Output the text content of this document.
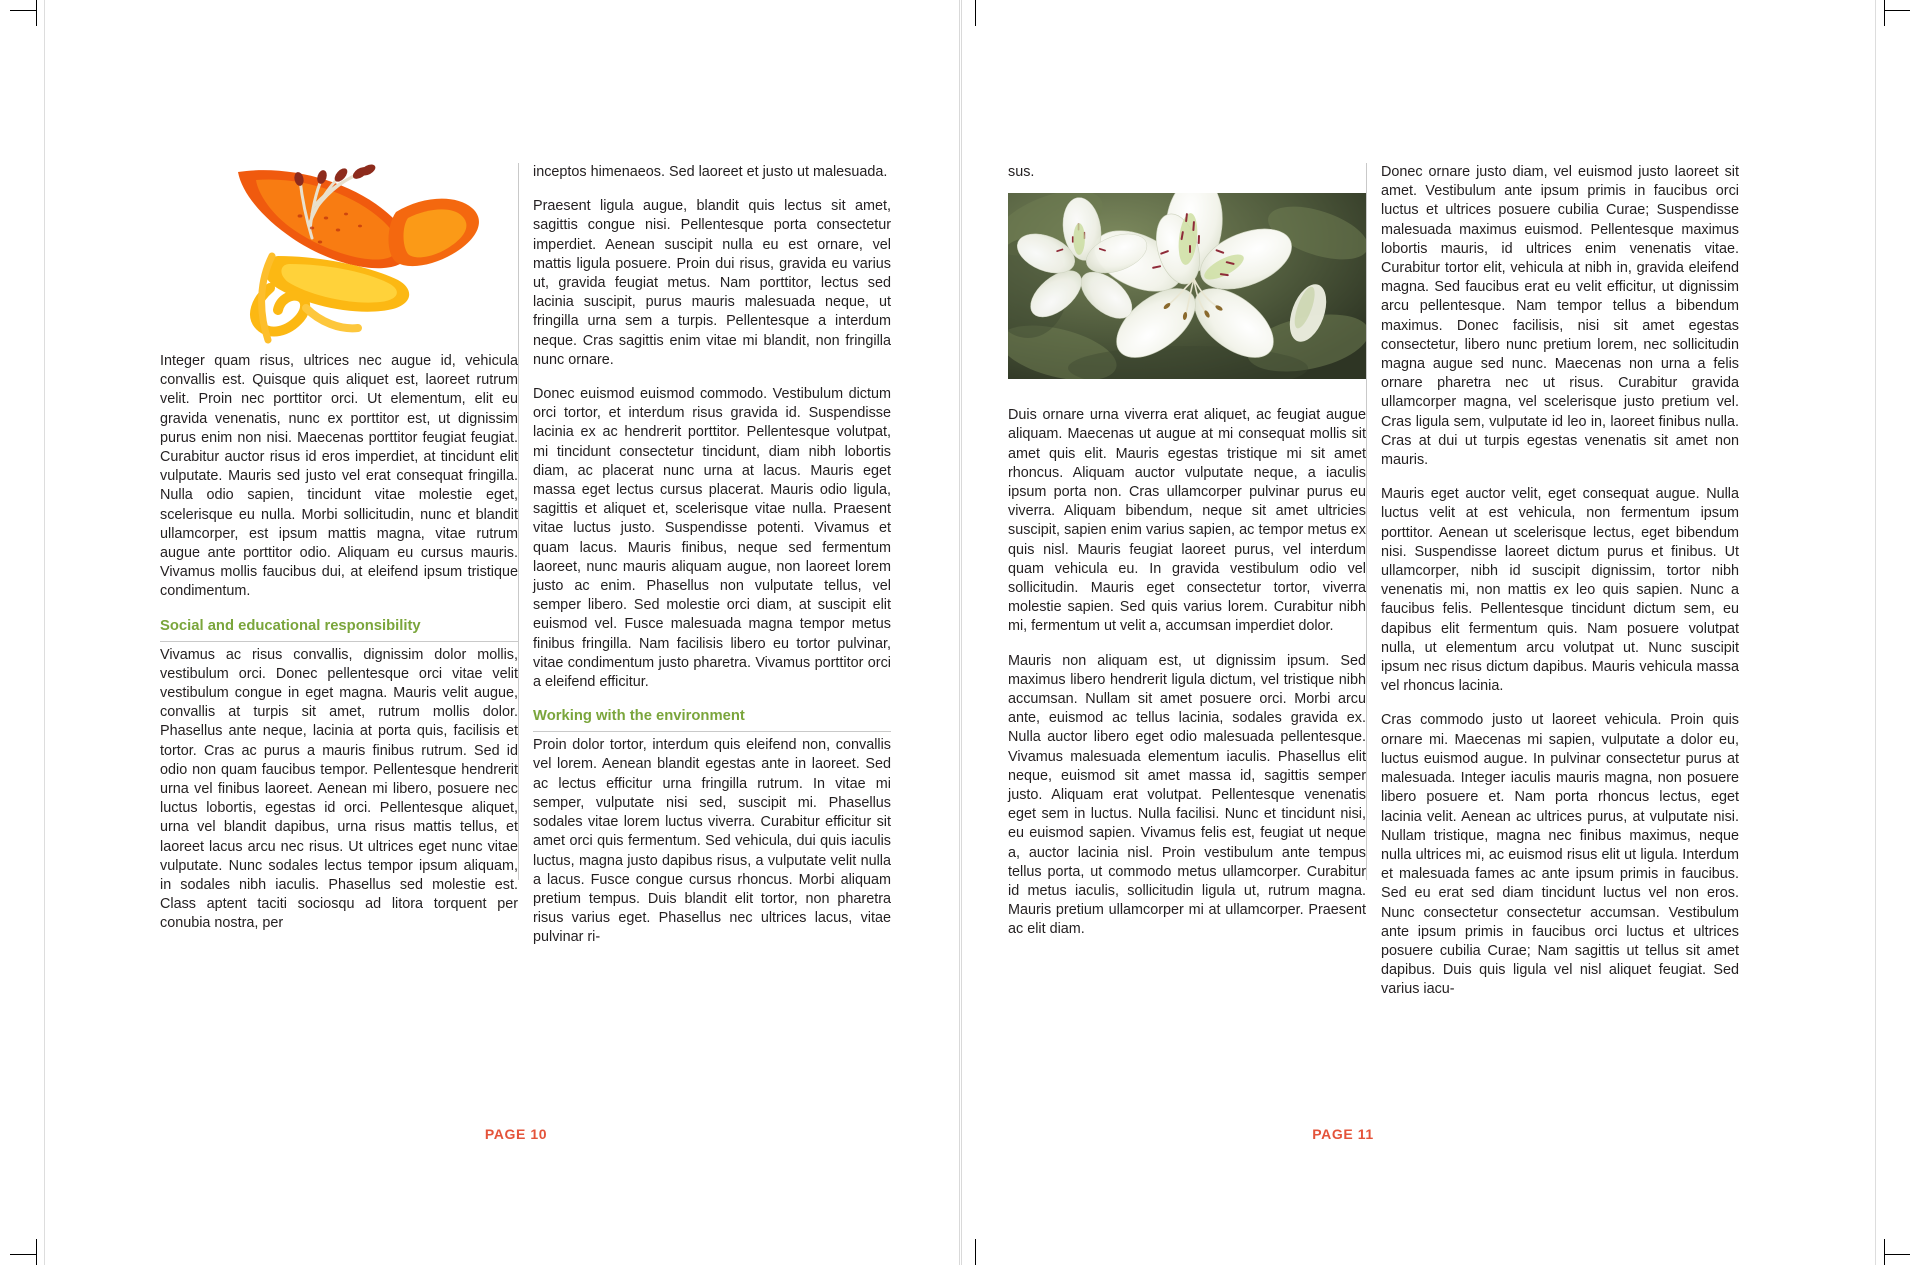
Integer quam risus, ultrices nec augue id, vehicula convallis est. Quisque quis aliquet est, laoreet rutrum velit. Proin nec porttitor orci. Ut elementum, elit eu gravida venenatis, nunc ex porttitor est, ut dignissim purus enim non nisi. Maecenas porttitor feugiat feugiat. Curabitur auctor risus id eros imperdiet, at tincidunt elit vulputate. Mauris sed justo vel erat consequat fringilla. Nulla odio sapien, tincidunt vitae molestie eget, scelerisque eu nulla. Morbi sollicitudin, nunc et blandit ullamcorper, est ipsum mattis magna, vitae rutrum augue ante porttitor odio. Aliquam eu cursus mauris. Vivamus mollis faucibus dui, at eleifend ipsum tristique condimentum.

Social and educational responsibility

Vivamus ac risus convallis, dignissim dolor mollis, vestibulum orci. Donec pellentesque orci vitae velit vestibulum congue in eget magna. Mauris velit augue, convallis at turpis sit amet, rutrum mollis dolor. Phasellus ante neque, lacinia at porta quis, facilisis et tortor. Cras ac purus a mauris finibus rutrum. Sed id odio non quam faucibus tempor. Pellentesque hendrerit urna vel finibus laoreet. Aenean mi libero, posuere nec luctus lobortis, egestas id orci. Pellentesque aliquet, urna vel blandit dapibus, urna risus mattis tellus, et laoreet lacus arcu nec risus. Ut ultrices eget nunc vitae vulputate. Nunc sodales lectus tempor ipsum aliquam, in sodales nibh iaculis. Phasellus sed molestie est. Class aptent taciti sociosqu ad litora torquent per conubia nostra, per

inceptos himenaeos. Sed laoreet et justo ut malesuada.

Praesent ligula augue, blandit quis lectus sit amet, sagittis congue nisi. Pellentesque porta consectetur imperdiet. Aenean suscipit nulla eu est ornare, vel mattis ligula posuere. Proin dui risus, gravida eu varius ut, gravida feugiat metus. Nam porttitor, lectus sed lacinia suscipit, purus mauris malesuada neque, ut fringilla urna sem a turpis. Pellentesque a interdum neque. Cras sagittis enim vitae mi blandit, non fringilla nunc ornare.

Donec euismod euismod commodo. Vestibulum dictum orci tortor, et interdum risus gravida id. Suspendisse lacinia ex ac hendrerit porttitor. Pellentesque volutpat, mi tincidunt consectetur tincidunt, diam nibh lobortis diam, ac placerat nunc urna at lacus. Mauris eget massa eget lectus cursus placerat. Mauris odio ligula, sagittis et aliquet et, scelerisque vitae nulla. Praesent vitae luctus justo. Suspendisse potenti. Vivamus et quam lacus. Mauris finibus, neque sed fermentum laoreet, nunc mauris aliquam augue, non laoreet lorem justo ac enim. Phasellus non vulputate tellus, vel semper libero. Sed molestie orci diam, at suscipit elit euismod vel. Fusce malesuada magna tempor metus finibus fringilla. Nam facilisis libero eu tortor pulvinar, vitae condimentum justo pharetra. Vivamus porttitor orci a eleifend efficitur.

Working with the environment

Proin dolor tortor, interdum quis eleifend non, convallis vel lorem. Aenean blandit egestas ante in laoreet. Sed ac lectus efficitur urna fringilla rutrum. In vitae mi semper, vulputate nisi sed, suscipit mi. Phasellus sodales vitae lorem luctus viverra. Curabitur efficitur sit amet orci quis fermentum. Sed vehicula, dui quis iaculis luctus, magna justo dapibus risus, a vulputate velit nulla a lacus. Fusce congue cursus rhoncus. Morbi aliquam pretium tempus. Duis blandit elit tortor, non pharetra risus varius eget. Phasellus nec ultrices lacus, vitae pulvinar ri-

PAGE 10

sus.

Duis ornare urna viverra erat aliquet, ac feugiat augue aliquam. Maecenas ut augue at mi consequat mollis sit amet quis elit. Mauris egestas tristique mi sit amet rhoncus. Aliquam auctor vulputate neque, a iaculis ipsum porta non. Cras ullamcorper pulvinar purus eu viverra. Aliquam bibendum, neque sit amet ultricies suscipit, sapien enim varius sapien, ac tempor metus ex quis nisl. Mauris feugiat laoreet purus, vel interdum quam vehicula eu. In gravida vestibulum odio vel sollicitudin. Mauris eget consectetur tortor, viverra molestie sapien. Sed quis varius lorem. Curabitur nibh mi, fermentum ut velit a, accumsan imperdiet dolor.

Mauris non aliquam est, ut dignissim ipsum. Sed maximus libero hendrerit ligula dictum, vel tristique nibh accumsan. Nullam sit amet posuere orci. Morbi arcu ante, euismod ac tellus lacinia, sodales gravida ex. Nulla auctor libero eget odio malesuada pellentesque. Vivamus malesuada elementum iaculis. Phasellus elit neque, euismod sit amet massa id, sagittis semper justo. Aliquam erat volutpat. Pellentesque venenatis eget sem in luctus. Nulla facilisi. Nunc et tincidunt nisi, eu euismod sapien. Vivamus felis est, feugiat ut neque a, auctor lacinia nisl. Proin vestibulum ante tempus tellus porta, ut commodo metus ullamcorper. Curabitur id metus iaculis, sollicitudin ligula ut, rutrum magna. Mauris pretium ullamcorper mi at ullamcorper. Praesent ac elit diam.

Donec ornare justo diam, vel euismod justo laoreet sit amet. Vestibulum ante ipsum primis in faucibus orci luctus et ultrices posuere cubilia Curae; Suspendisse malesuada maximus euismod. Pellentesque maximus lobortis mauris, id ultrices enim venenatis vitae. Curabitur tortor elit, vehicula at nibh in, gravida eleifend magna. Sed faucibus erat eu velit efficitur, ut dignissim arcu pellentesque. Nam tempor tellus a bibendum maximus. Donec facilisis, nisi sit amet egestas consectetur, libero nunc pretium lorem, nec sollicitudin magna augue sed nunc. Maecenas non urna a felis ornare pharetra nec ut risus. Curabitur gravida ullamcorper magna, vel scelerisque justo pretium vel. Cras ligula sem, vulputate id leo in, laoreet finibus nulla. Cras at dui ut turpis egestas venenatis sit amet non mauris.

Mauris eget auctor velit, eget consequat augue. Nulla luctus velit at est vehicula, non fermentum ipsum porttitor. Aenean ut scelerisque lectus, eget bibendum nisi. Suspendisse laoreet dictum purus et finibus. Ut ullamcorper, nibh id suscipit dignissim, tortor nibh venenatis mi, non mattis ex leo quis sapien. Nunc a faucibus felis. Pellentesque tincidunt dictum sem, eu dapibus elit fermentum quis. Nam posuere volutpat nulla, ut elementum arcu volutpat ut. Nunc suscipit ipsum nec risus dictum dapibus. Mauris vehicula massa vel rhoncus lacinia.

Cras commodo justo ut laoreet vehicula. Proin quis ornare mi. Maecenas mi sapien, vulputate a dolor eu, luctus euismod augue. In pulvinar consectetur purus at malesuada. Integer iaculis mauris magna, non posuere libero posuere et. Nam porta rhoncus lectus, eget lacinia velit. Aenean ac ultrices purus, at vulputate nisi. Nullam tristique, magna nec finibus maximus, neque nulla ultrices mi, ac euismod risus elit ut ligula. Interdum et malesuada fames ac ante ipsum primis in faucibus. Sed eu erat sed diam tincidunt luctus vel non eros. Nunc consectetur consectetur accumsan. Vestibulum ante ipsum primis in faucibus orci luctus et ultrices posuere cubilia Curae; Nam sagittis ut tellus sit amet dapibus. Duis quis ligula vel nisl aliquet feugiat. Sed varius iacu-

PAGE 11
